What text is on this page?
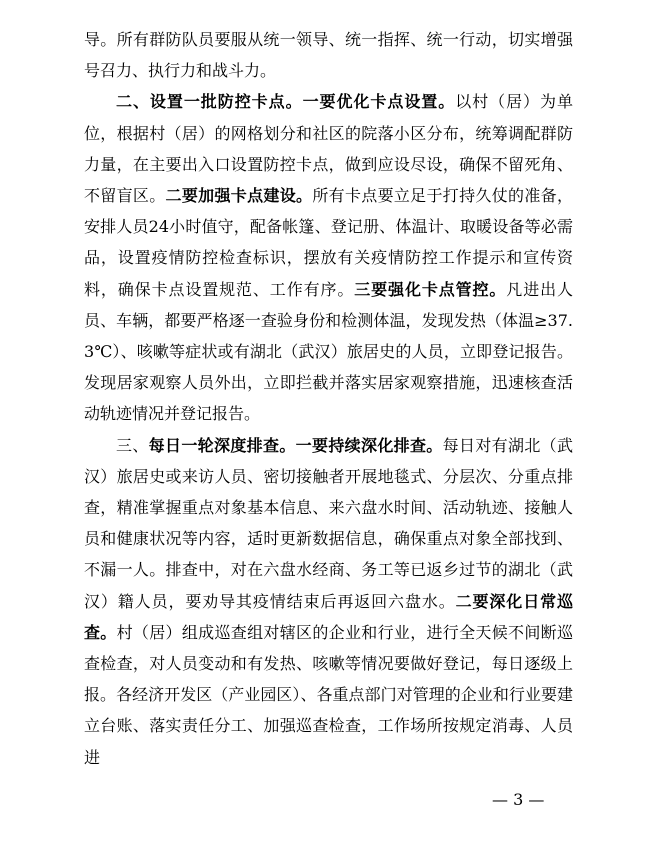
导。所有群防队员要服从统一领导、统一指挥、统一行动，切实增强号召力、执行力和战斗力。

二、设置一批防控卡点。一要优化卡点设置。以村（居）为单位，根据村（居）的网格划分和社区的院落小区分布，统筹调配群防力量，在主要出入口设置防控卡点，做到应设尽设，确保不留死角、不留盲区。二要加强卡点建设。所有卡点要立足于打持久仗的准备，安排人员24小时值守，配备帐篷、登记册、体温计、取暖设备等必需品，设置疫情防控检查标识，摆放有关疫情防控工作提示和宣传资料，确保卡点设置规范、工作有序。三要强化卡点管控。凡进出人员、车辆，都要严格逐一查验身份和检测体温，发现发热（体温≥37.3℃）、咳嗽等症状或有湖北（武汉）旅居史的人员，立即登记报告。发现居家观察人员外出，立即拦截并落实居家观察措施，迅速核查活动轨迹情况并登记报告。

三、每日一轮深度排查。一要持续深化排查。每日对有湖北（武汉）旅居史或来访人员、密切接触者开展地毯式、分层次、分重点排查，精准掌握重点对象基本信息、来六盘水时间、活动轨迹、接触人员和健康状况等内容，适时更新数据信息，确保重点对象全部找到、不漏一人。排查中，对在六盘水经商、务工等已返乡过节的湖北（武汉）籍人员，要劝导其疫情结束后再返回六盘水。二要深化日常巡查。村（居）组成巡查组对辖区的企业和行业，进行全天候不间断巡查检查，对人员变动和有发热、咳嗽等情况要做好登记，每日逐级上报。各经济开发区（产业园区）、各重点部门对管理的企业和行业要建立台账、落实责任分工、加强巡查检查，工作场所按规定消毒、人员进

— 3 —
